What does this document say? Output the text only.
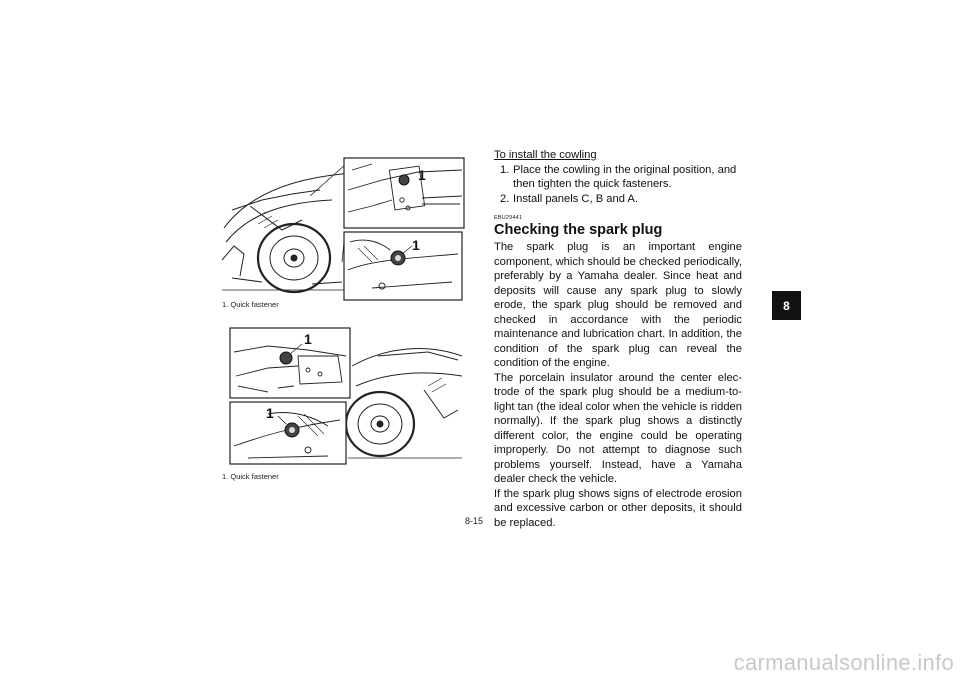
1
1
1. Quick fastener
1
1
1. Quick fastener

To install the cowling

1. Place the cowling in the original position, and then tighten the quick fasteners.
2. Install panels C, B and A.
EBU29441
Checking the spark plug

The spark plug is an important engine component, which should be checked periodically, preferably by a Yamaha dealer. Since heat and deposits will cause any spark plug to slowly erode, the spark plug should be removed and checked in accordance with the periodic maintenance and lubrication chart. In addition, the condition of the spark plug can reveal the condition of the engine.

The porcelain insulator around the center electrode of the spark plug should be a medium-to-light tan (the ideal color when the vehicle is ridden normally). If the spark plug shows a distinctly different color, the engine could be operating improperly. Do not attempt to diagnose such problems yourself. Instead, have a Yamaha dealer check the vehicle.

If the spark plug shows signs of electrode erosion and excessive carbon or other deposits, it should be replaced.

8
8-15
carmanualsonline.info
